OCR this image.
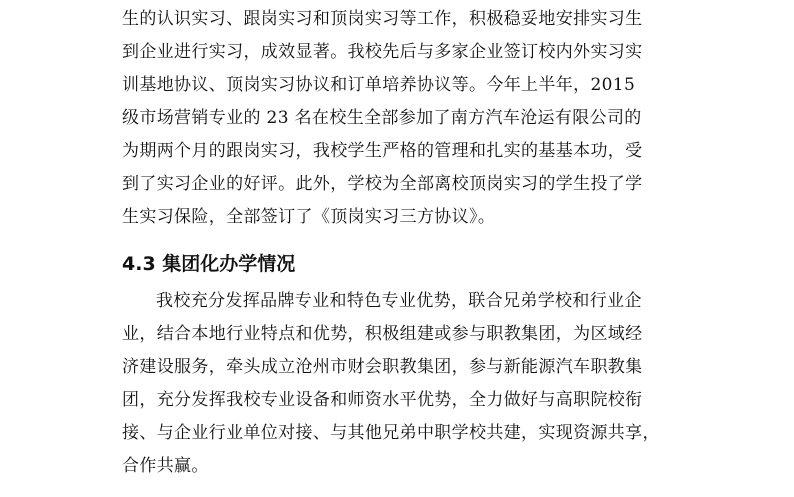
生的认识实习、跟岗实习和顶岗实习等工作，积极稳妥地安排实习生
到企业进行实习，成效显著。我校先后与多家企业签订校内外实习实
训基地协议、顶岗实习协议和订单培养协议等。今年上半年，2015
级市场营销专业的 23 名在校生全部参加了南方汽车沧运有限公司的
为期两个月的跟岗实习，我校学生严格的管理和扎实的基基本功，受
到了实习企业的好评。此外，学校为全部离校顶岗实习的学生投了学
生实习保险，全部签订了《顶岗实习三方协议》。
4.3 集团化办学情况
我校充分发挥品牌专业和特色专业优势，联合兄弟学校和行业企
业，结合本地行业特点和优势，积极组建或参与职教集团，为区域经
济建设服务，牵头成立沧州市财会职教集团，参与新能源汽车职教集
团，充分发挥我校专业设备和师资水平优势，全力做好与高职院校衔
接、与企业行业单位对接、与其他兄弟中职学校共建，实现资源共享，
合作共赢。
